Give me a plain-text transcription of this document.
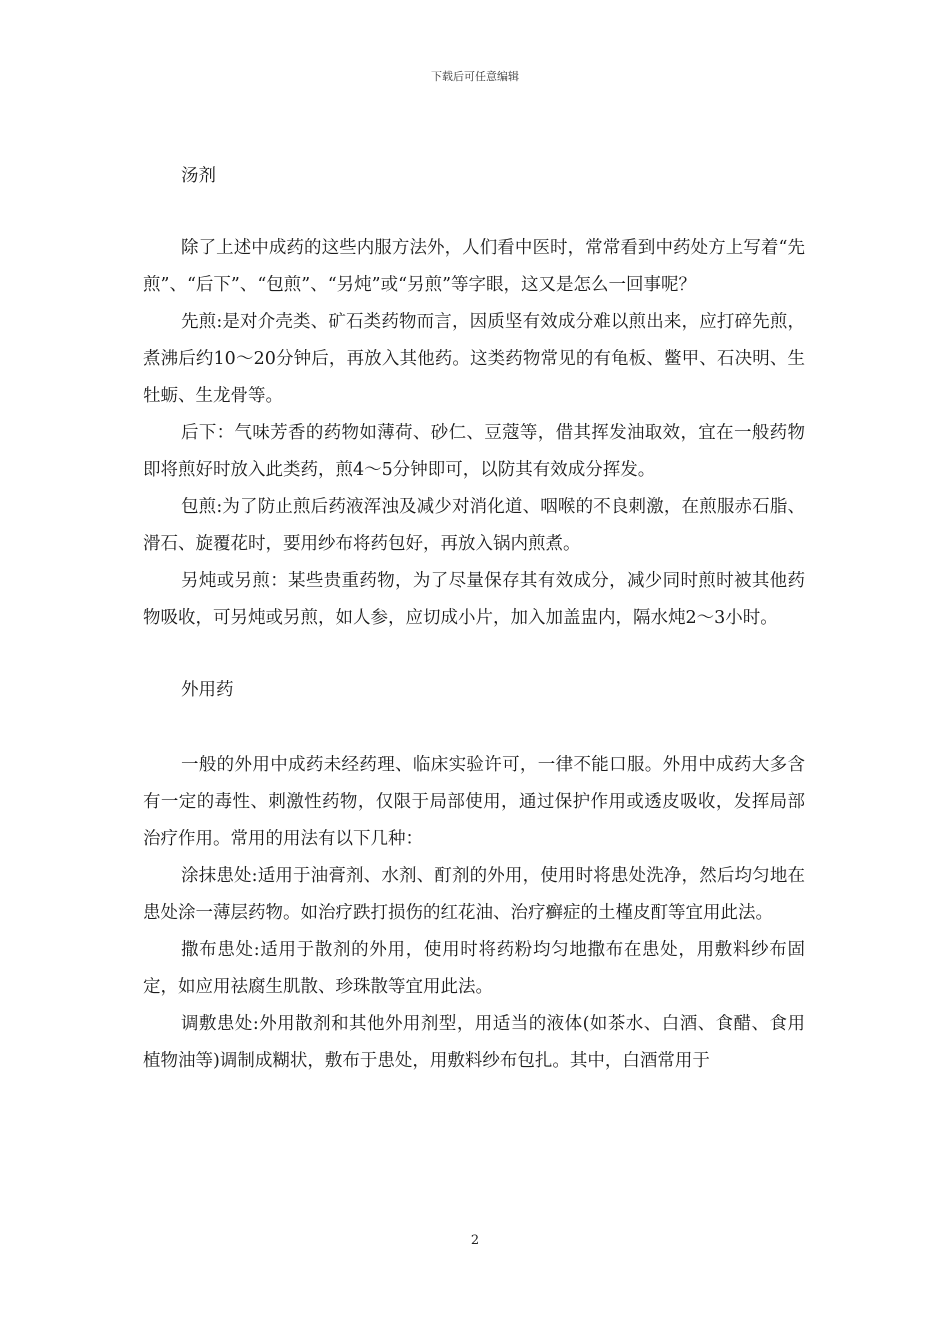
下载后可任意编辑
汤剂

除了上述中成药的这些内服方法外，人们看中医时，常常看到中药处方上写着“先煎”、“后下”、“包煎”、“另炖”或“另煎”等字眼，这又是怎么一回事呢？

先煎:是对介壳类、矿石类药物而言，因质坚有效成分难以煎出来，应打碎先煎，煮沸后约10～20分钟后，再放入其他药。这类药物常见的有龟板、鳖甲、石决明、生牡蛎、生龙骨等。

后下：气味芳香的药物如薄荷、砂仁、豆蔻等，借其挥发油取效，宜在一般药物即将煎好时放入此类药，煎4～5分钟即可，以防其有效成分挥发。

包煎:为了防止煎后药液浑浊及减少对消化道、咽喉的不良刺激，在煎服赤石脂、滑石、旋覆花时，要用纱布将药包好，再放入锅内煎煮。

另炖或另煎：某些贵重药物，为了尽量保存其有效成分，减少同时煎时被其他药物吸收，可另炖或另煎，如人参，应切成小片，加入加盖盅内，隔水炖2～3小时。

外用药

一般的外用中成药未经药理、临床实验许可，一律不能口服。外用中成药大多含有一定的毒性、刺激性药物，仅限于局部使用，通过保护作用或透皮吸收，发挥局部治疗作用。常用的用法有以下几种：

涂抹患处:适用于油膏剂、水剂、酊剂的外用，使用时将患处洗净，然后均匀地在患处涂一薄层药物。如治疗跌打损伤的红花油、治疗癣症的土槿皮酊等宜用此法。

撒布患处:适用于散剂的外用，使用时将药粉均匀地撒布在患处，用敷料纱布固定，如应用祛腐生肌散、珍珠散等宜用此法。

调敷患处:外用散剂和其他外用剂型，用适当的液体(如茶水、白酒、食醋、食用植物油等)调制成糊状，敷布于患处，用敷料纱布包扎。其中，白酒常用于

2
